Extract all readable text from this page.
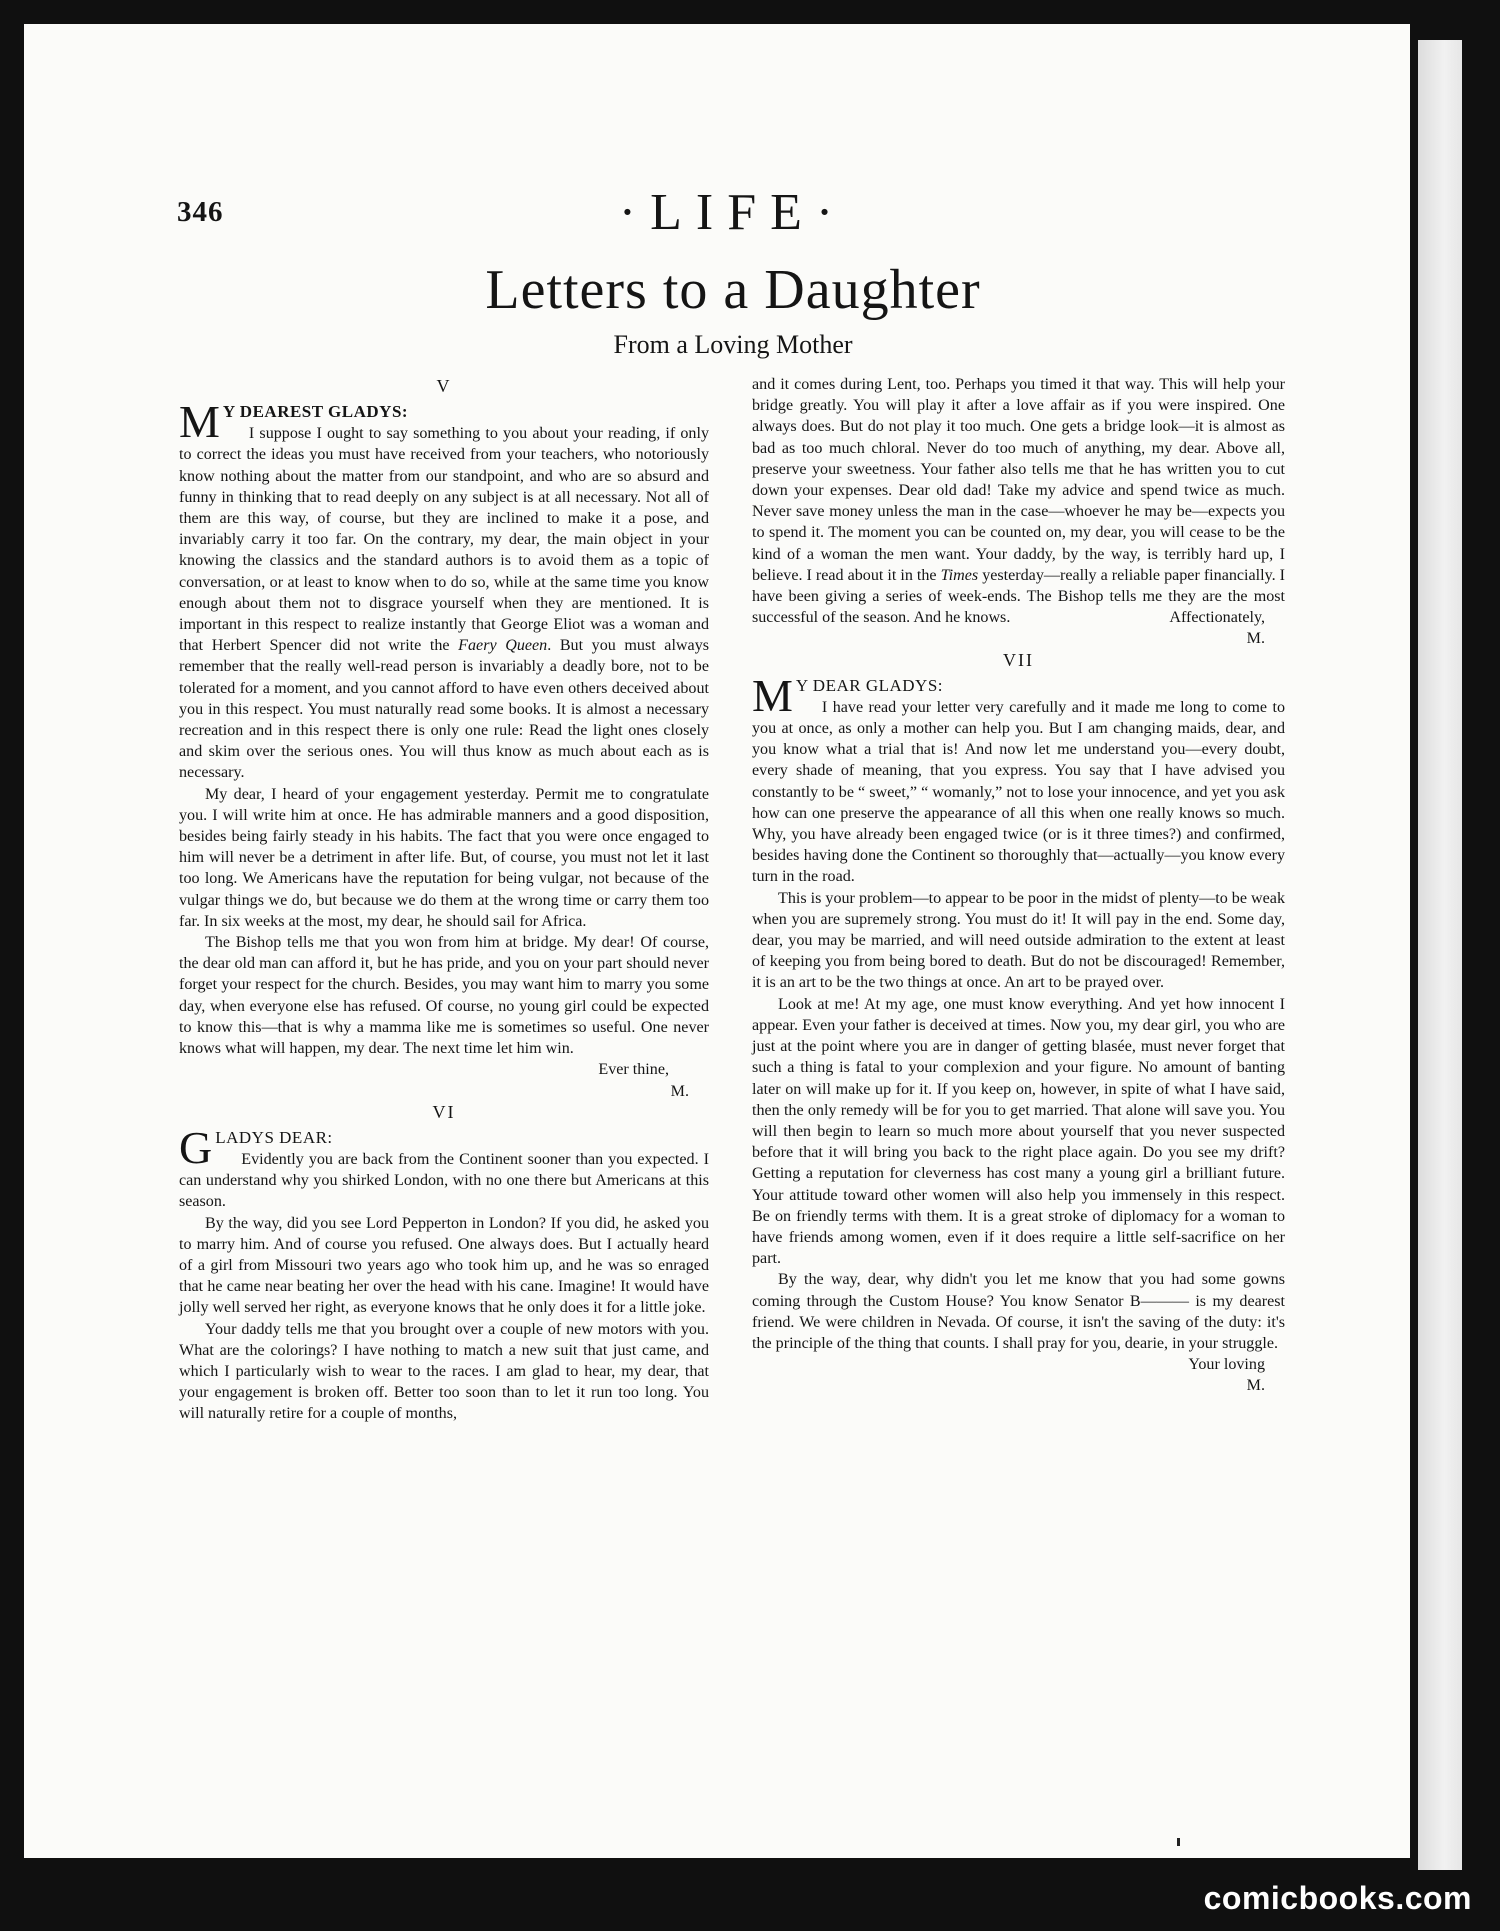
346	·LIFE·
Letters to a Daughter
From a Loving Mother
V

M Y DEAREST GLADYS:

I suppose I ought to say something to you about your reading, if only to correct the ideas you must have received from your teachers, who notoriously know nothing about the matter from our standpoint, and who are so absurd and funny in thinking that to read deeply on any subject is at all necessary. Not all of them are this way, of course, but they are inclined to make it a pose, and invariably carry it too far. On the contrary, my dear, the main object in your knowing the classics and the standard authors is to avoid them as a topic of conversation, or at least to know when to do so, while at the same time you know enough about them not to disgrace yourself when they are mentioned. It is important in this respect to realize instantly that George Eliot was a woman and that Herbert Spencer did not write the Faery Queen. But you must always remember that the really well-read person is invariably a deadly bore, not to be tolerated for a moment, and you cannot afford to have even others deceived about you in this respect. You must naturally read some books. It is almost a necessary recreation and in this respect there is only one rule: Read the light ones closely and skim over the serious ones. You will thus know as much about each as is necessary.

My dear, I heard of your engagement yesterday. Permit me to congratulate you. I will write him at once. He has admirable manners and a good disposition, besides being fairly steady in his habits. The fact that you were once engaged to him will never be a detriment in after life. But, of course, you must not let it last too long. We Americans have the reputation for being vulgar, not because of the vulgar things we do, but because we do them at the wrong time or carry them too far. In six weeks at the most, my dear, he should sail for Africa.

The Bishop tells me that you won from him at bridge. My dear! Of course, the dear old man can afford it, but he has pride, and you on your part should never forget your respect for the church. Besides, you may want him to marry you some day, when everyone else has refused. Of course, no young girl could be expected to know this—that is why a mamma like me is sometimes so useful. One never knows what will happen, my dear. The next time let him win.

Ever thine,

M.

VI

GLADYS DEAR:

Evidently you are back from the Continent sooner than you expected. I can understand why you shirked London, with no one there but Americans at this season.

By the way, did you see Lord Pepperton in London? If you did, he asked you to marry him. And of course you refused. One always does. But I actually heard of a girl from Missouri two years ago who took him up, and he was so enraged that he came near beating her over the head with his cane. Imagine! It would have jolly well served her right, as everyone knows that he only does it for a little joke.

Your daddy tells me that you brought over a couple of new motors with you. What are the colorings? I have nothing to match a new suit that just came, and which I particularly wish to wear to the races. I am glad to hear, my dear, that your engagement is broken off. Better too soon than to let it run too long. You will naturally retire for a couple of months,

and it comes during Lent, too. Perhaps you timed it that way. This will help your bridge greatly. You will play it after a love affair as if you were inspired. One always does. But do not play it too much. One gets a bridge look—it is almost as bad as too much chloral. Never do too much of anything, my dear. Above all, preserve your sweetness. Your father also tells me that he has written you to cut down your expenses. Dear old dad! Take my advice and spend twice as much. Never save money unless the man in the case—whoever he may be—expects you to spend it. The moment you can be counted on, my dear, you will cease to be the kind of a woman the men want. Your daddy, by the way, is terribly hard up, I believe. I read about it in the Times yesterday—really a reliable paper financially. I have been giving a series of week-ends. The Bishop tells me they are the most successful of the season. And he knows.	Affectionately,

M.

VII

M Y DEAR GLADYS:

I have read your letter very carefully and it made me long to come to you at once, as only a mother can help you. But I am changing maids, dear, and you know what a trial that is! And now let me understand you—every doubt, every shade of meaning, that you express. You say that I have advised you constantly to be “ sweet,” “ womanly,” not to lose your innocence, and yet you ask how can one preserve the appearance of all this when one really knows so much. Why, you have already been engaged twice (or is it three times?) and confirmed, besides having done the Continent so thoroughly that—actually—you know every turn in the road.

This is your problem—to appear to be poor in the midst of plenty—to be weak when you are supremely strong. You must do it! It will pay in the end. Some day, dear, you may be married, and will need outside admiration to the extent at least of keeping you from being bored to death. But do not be discouraged! Remember, it is an art to be the two things at once. An art to be prayed over.

Look at me! At my age, one must know everything. And yet how innocent I appear. Even your father is deceived at times. Now you, my dear girl, you who are just at the point where you are in danger of getting blasée, must never forget that such a thing is fatal to your complexion and your figure. No amount of banting later on will make up for it. If you keep on, however, in spite of what I have said, then the only remedy will be for you to get married. That alone will save you. You will then begin to learn so much more about yourself that you never suspected before that it will bring you back to the right place again. Do you see my drift? Getting a reputation for cleverness has cost many a young girl a brilliant future. Your attitude toward other women will also help you immensely in this respect. Be on friendly terms with them. It is a great stroke of diplomacy for a woman to have friends among women, even if it does require a little self-sacrifice on her part.

By the way, dear, why didn't you let me know that you had some gowns coming through the Custom House? You know Senator B——— is my dearest friend. We were children in Nevada. Of course, it isn't the saving of the duty: it's the principle of the thing that counts. I shall pray for you, dearie, in your struggle.
Your loving

M.

comicbooks.com
